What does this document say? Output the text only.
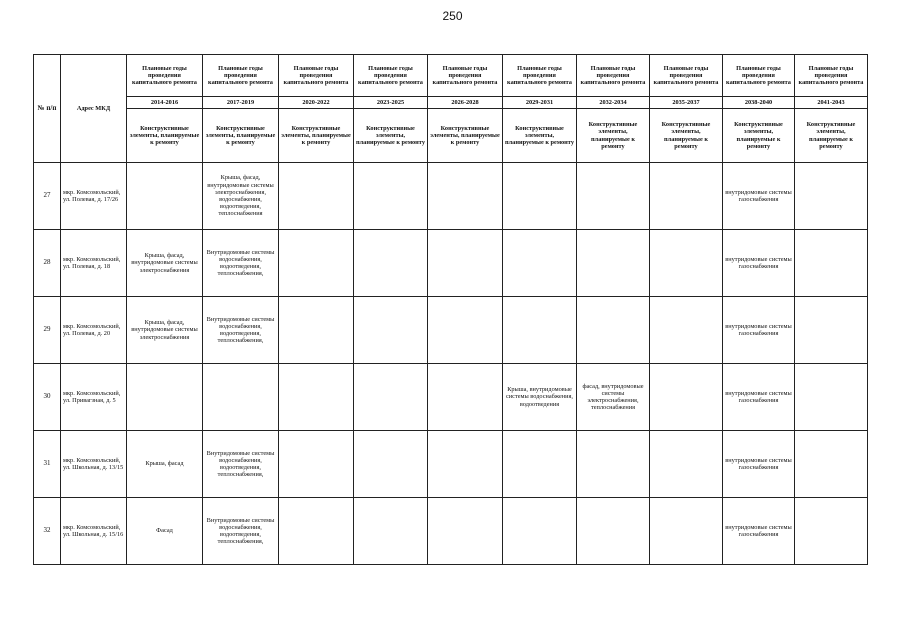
250
№ п/п	Адрес МКД	Плановые годы проведения капитального ремонта	Плановые годы проведения капитального ремонта	Плановые годы проведения капитального ремонта	Плановые годы проведения капитального ремонта	Плановые годы проведения капитального ремонта	Плановые годы проведения капитального ремонта	Плановые годы проведения капитального ремонта	Плановые годы проведения капитального ремонта	Плановые годы проведения капитального ремонта	Плановые годы проведения капитального ремонта
		2014-2016	2017-2019	2020-2022	2023-2025	2026-2028	2029-2031	2032-2034	2035-2037	2038-2040	2041-2043
		Конструктивные элементы, планируемые к ремонту	Конструктивные элементы, планируемые к ремонту	Конструктивные элементы, планируемые к ремонту	Конструктивные элементы, планируемые к ремонту	Конструктивные элементы, планируемые к ремонту	Конструктивные элементы, планируемые к ремонту	Конструктивные элементы, планируемые к ремонту	Конструктивные элементы, планируемые к ремонту	Конструктивные элементы, планируемые к ремонту	Конструктивные элементы, планируемые к ремонту
27	мкр. Комсомольский, ул. Полевая, д. 17/26		Крыша, фасад, внутридомовые системы электроснабжения, водоснабжения, водоотведения, теплоснабжения							внутридомовые системы газоснабжения	
28	мкр. Комсомольский, ул. Полевая, д. 18	Крыша, фасад, внутридомовые системы электроснабжения	Внутридомовые системы водоснабжения, водоотведения, теплоснабжения,							внутридомовые системы газоснабжения	
29	мкр. Комсомольский, ул. Полевая, д. 20	Крыша, фасад, внутридомовые системы электроснабжения	Внутридомовые системы водоснабжения, водоотведения, теплоснабжения,							внутридомовые системы газоснабжения	
30	мкр. Комсомольский, ул. Привагзная, д. 5						Крыша, внутридомовые системы водоснабжения, водоотведения	фасад, внутридомовые системы электроснабжения, теплоснабжения		внутридомовые системы газоснабжения	
31	мкр. Комсомольский, ул. Школьная, д. 13/15	Крыша, фасад	Внутридомовые системы водоснабжения, водоотведения, теплоснабжения,							внутридомовые системы газоснабжения	
32	мкр. Комсомольский, ул. Школьная, д. 15/16	Фасад	Внутридомовые системы водоснабжения, водоотведения, теплоснабжения,							внутридомовые системы газоснабжения	
